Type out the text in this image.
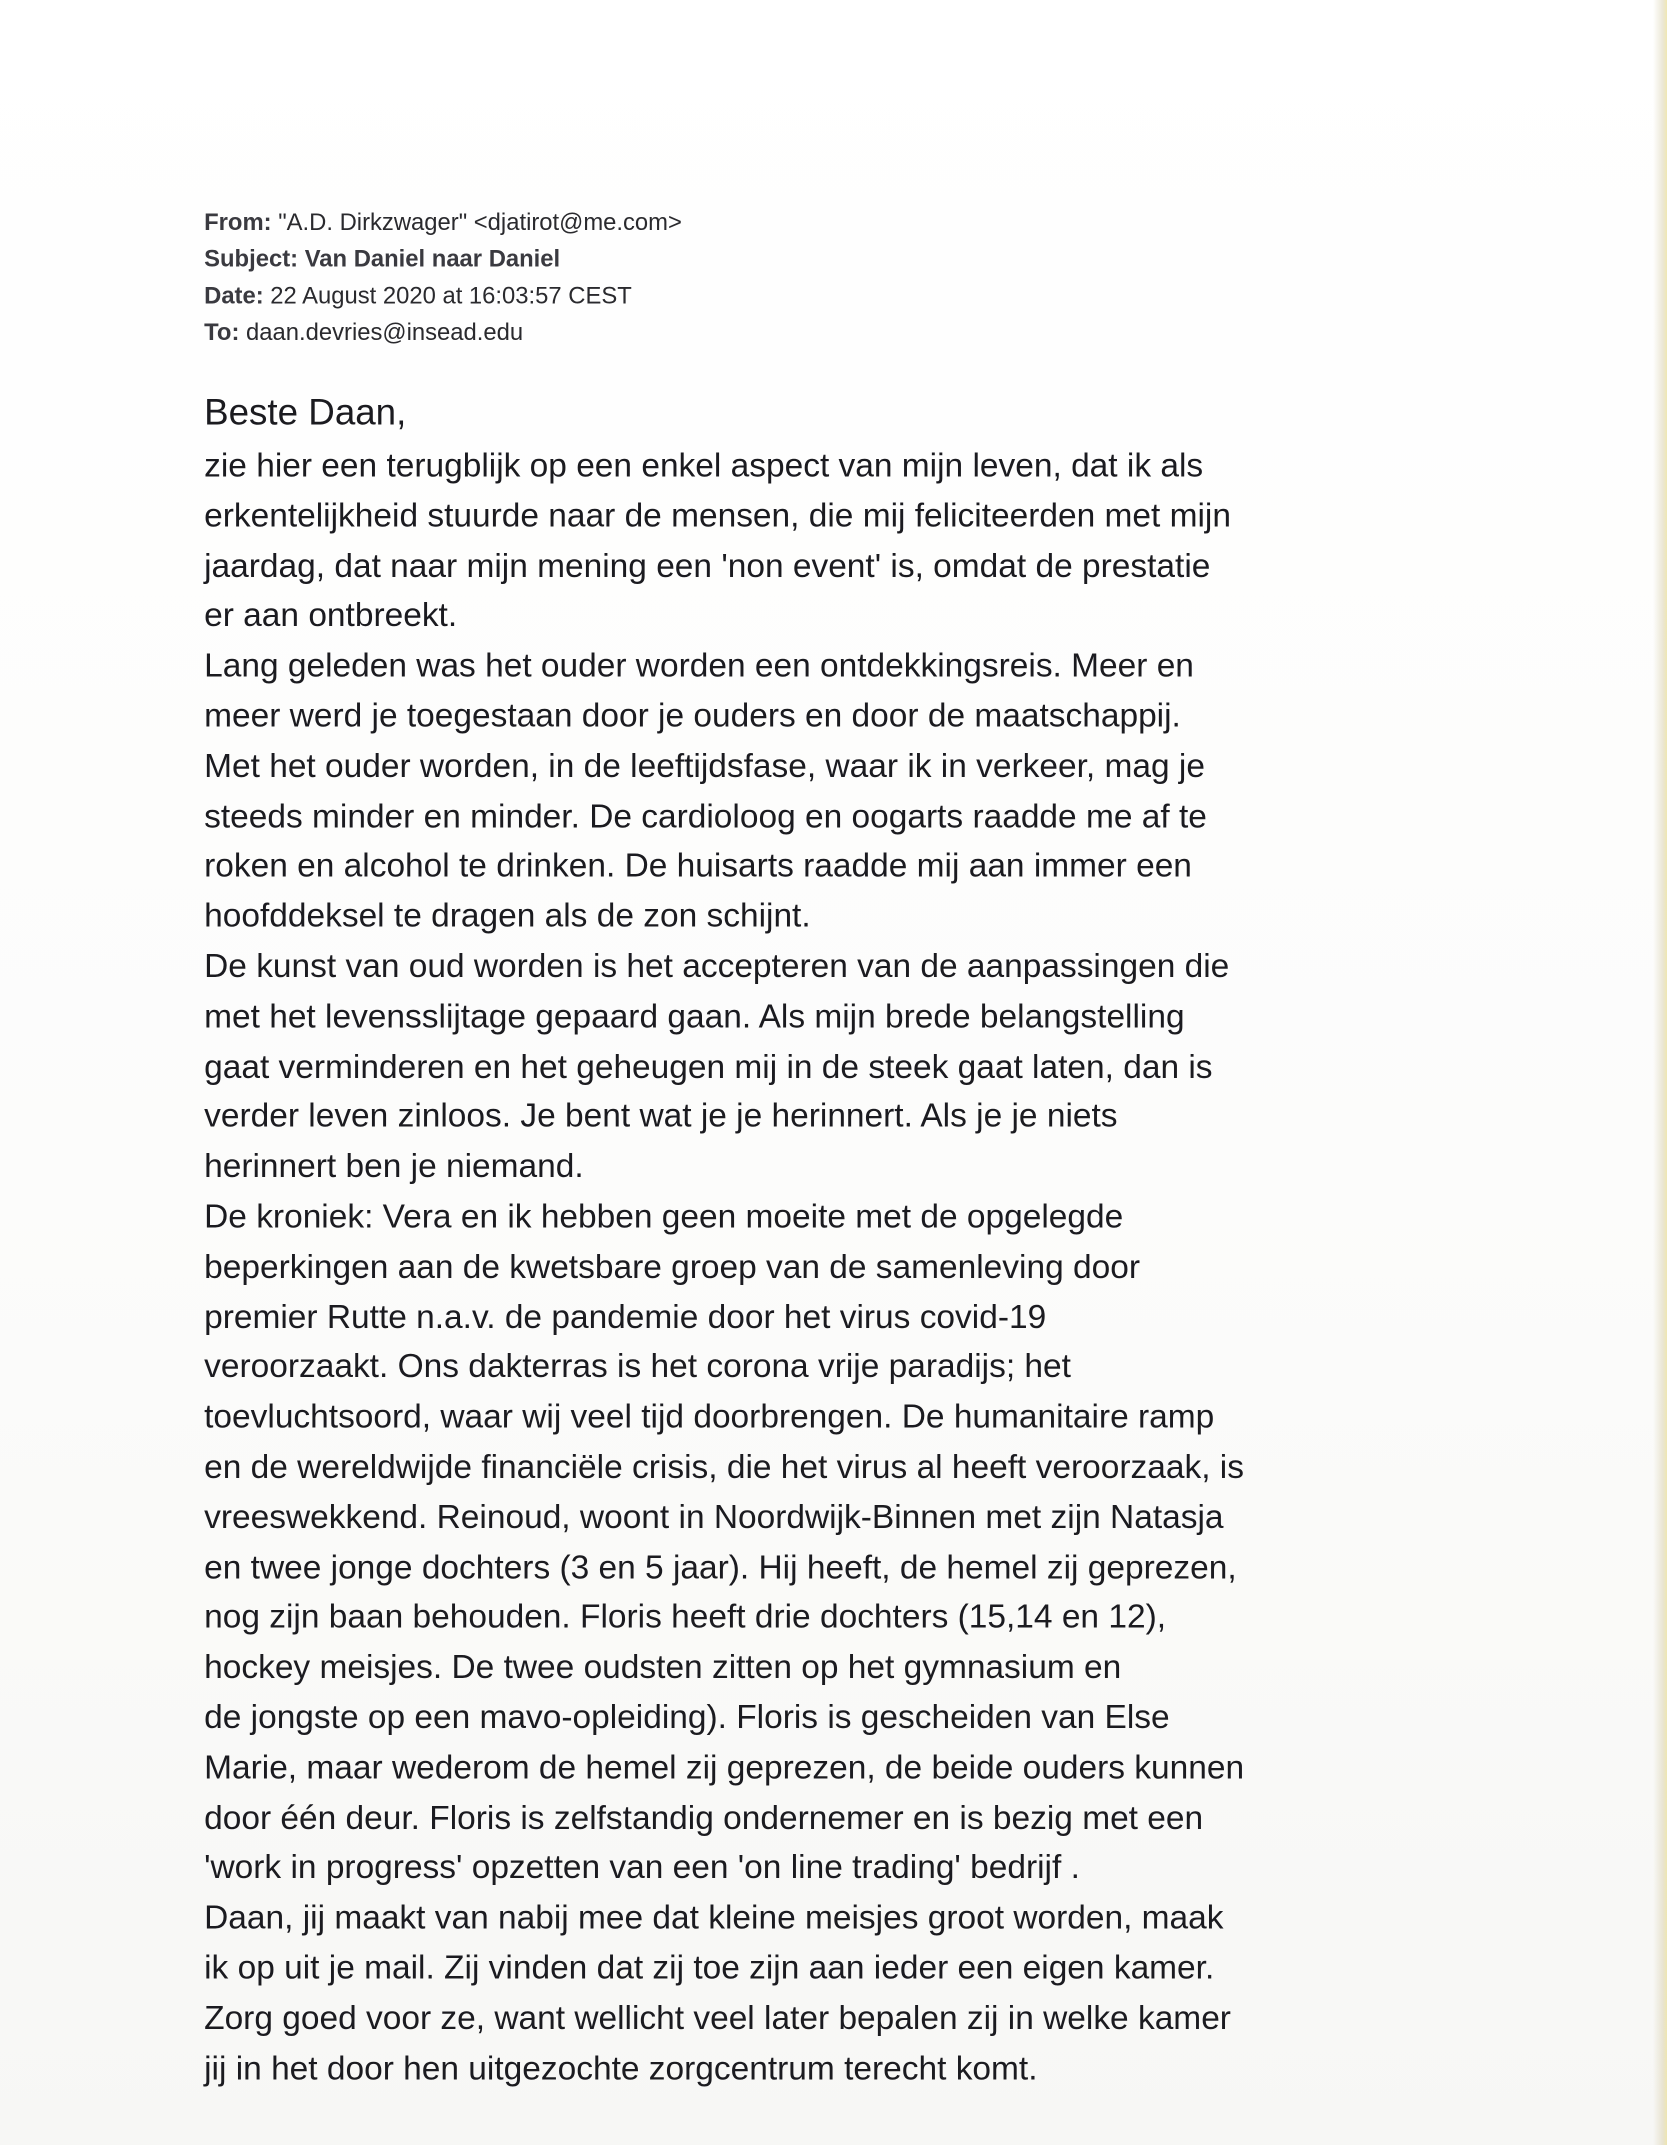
From: "A.D. Dirkzwager" <djatirot@me.com>
Subject: Van Daniel naar Daniel
Date: 22 August 2020 at 16:03:57 CEST
To: daan.devries@insead.edu
Beste Daan,
zie hier een terugblijk op een enkel aspect van mijn leven, dat ik als
erkentelijkheid stuurde naar de mensen, die mij feliciteerden met mijn
jaardag, dat naar mijn mening een 'non event' is, omdat de prestatie
er aan ontbreekt.
Lang geleden was het ouder worden een ontdekkingsreis. Meer en
meer werd je toegestaan door je ouders en door de maatschappij.
Met het ouder worden, in de leeftijdsfase, waar ik in verkeer, mag je
steeds minder en minder. De cardioloog en oogarts raadde me af te
roken en alcohol te drinken. De huisarts raadde mij aan immer een
hoofddeksel te dragen als de zon schijnt.
De kunst van oud worden is het accepteren van de aanpassingen die
met het levensslijtage gepaard gaan. Als mijn brede belangstelling
gaat verminderen en het geheugen mij in de steek gaat laten, dan is
verder leven zinloos. Je bent wat je je herinnert. Als je je niets
herinnert ben je niemand.
De kroniek: Vera en ik hebben geen moeite met de opgelegde
beperkingen aan de kwetsbare groep van de samenleving door
premier Rutte n.a.v. de pandemie door het virus covid-19
veroorzaakt. Ons dakterras is het corona vrije paradijs; het
toevluchtsoord, waar wij veel tijd doorbrengen. De humanitaire ramp
en de wereldwijde financiële crisis, die het virus al heeft veroorzaak, is
vreeswekkend. Reinoud, woont in Noordwijk-Binnen met zijn Natasja
en twee jonge dochters (3 en 5 jaar). Hij heeft, de hemel zij geprezen,
nog zijn baan behouden. Floris heeft drie dochters (15,14 en 12),
hockey meisjes. De twee oudsten zitten op het gymnasium en
de jongste op een mavo-opleiding). Floris is gescheiden van Else
Marie, maar wederom de hemel zij geprezen, de beide ouders kunnen
door één deur. Floris is zelfstandig ondernemer en is bezig met een
'work in progress' opzetten van een 'on line trading' bedrijf .
Daan, jij maakt van nabij mee dat kleine meisjes groot worden, maak
ik op uit je mail. Zij vinden dat zij toe zijn aan ieder een eigen kamer.
Zorg goed voor ze, want wellicht veel later bepalen zij in welke kamer
jij in het door hen uitgezochte zorgcentrum terecht komt.
